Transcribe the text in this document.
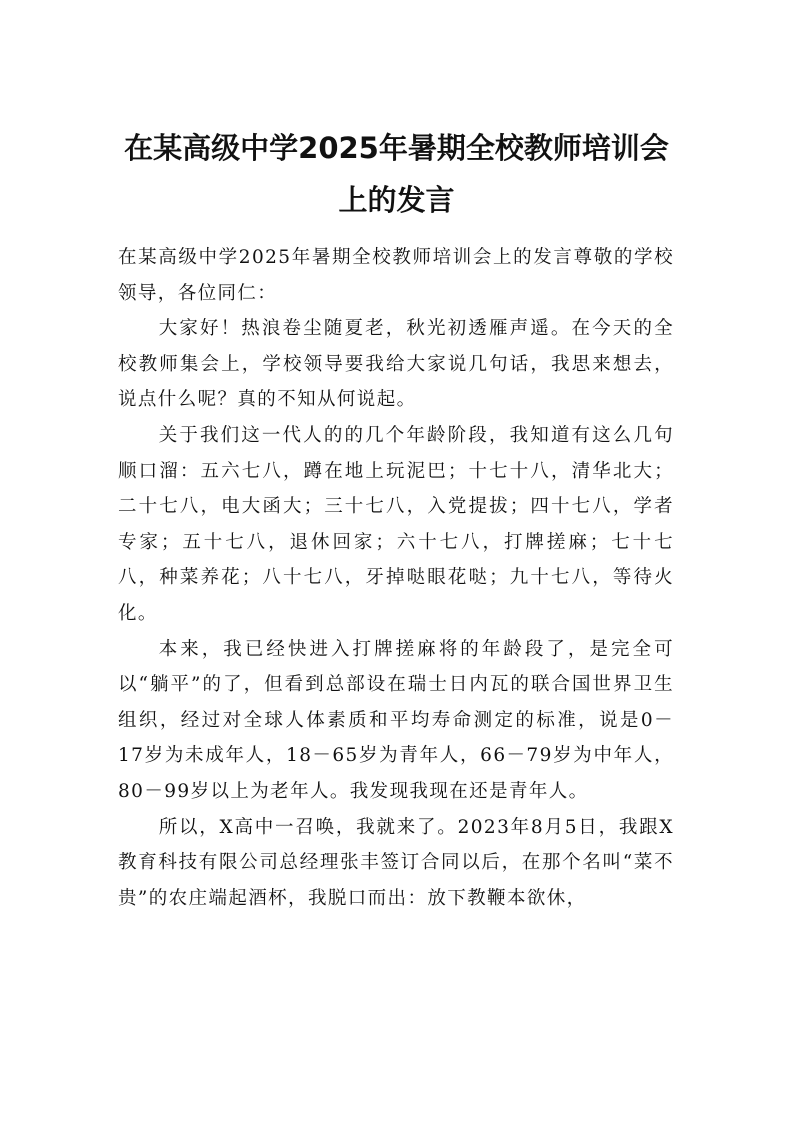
在某高级中学2025年暑期全校教师培训会
上的发言

在某高级中学2025年暑期全校教师培训会上的发言尊敬的学校领导，各位同仁：

大家好！热浪卷尘随夏老，秋光初透雁声遥。在今天的全校教师集会上，学校领导要我给大家说几句话，我思来想去，说点什么呢？真的不知从何说起。

关于我们这一代人的的几个年龄阶段，我知道有这么几句顺口溜：五六七八，蹲在地上玩泥巴；十七十八，清华北大；二十七八，电大函大；三十七八，入党提拔；四十七八，学者专家；五十七八，退休回家；六十七八，打牌搓麻；七十七八，种菜养花；八十七八，牙掉哒眼花哒；九十七八，等待火化。

本来，我已经快进入打牌搓麻将的年龄段了，是完全可以“躺平”的了，但看到总部设在瑞士日内瓦的联合国世界卫生组织，经过对全球人体素质和平均寿命测定的标准，说是0－17岁为未成年人，18－65岁为青年人，66－79岁为中年人，80－99岁以上为老年人。我发现我现在还是青年人。

所以，X高中一召唤，我就来了。2023年8月5日，我跟X教育科技有限公司总经理张丰签订合同以后，在那个名叫“菜不贵”的农庄端起酒杯，我脱口而出：放下教鞭本欲休，
